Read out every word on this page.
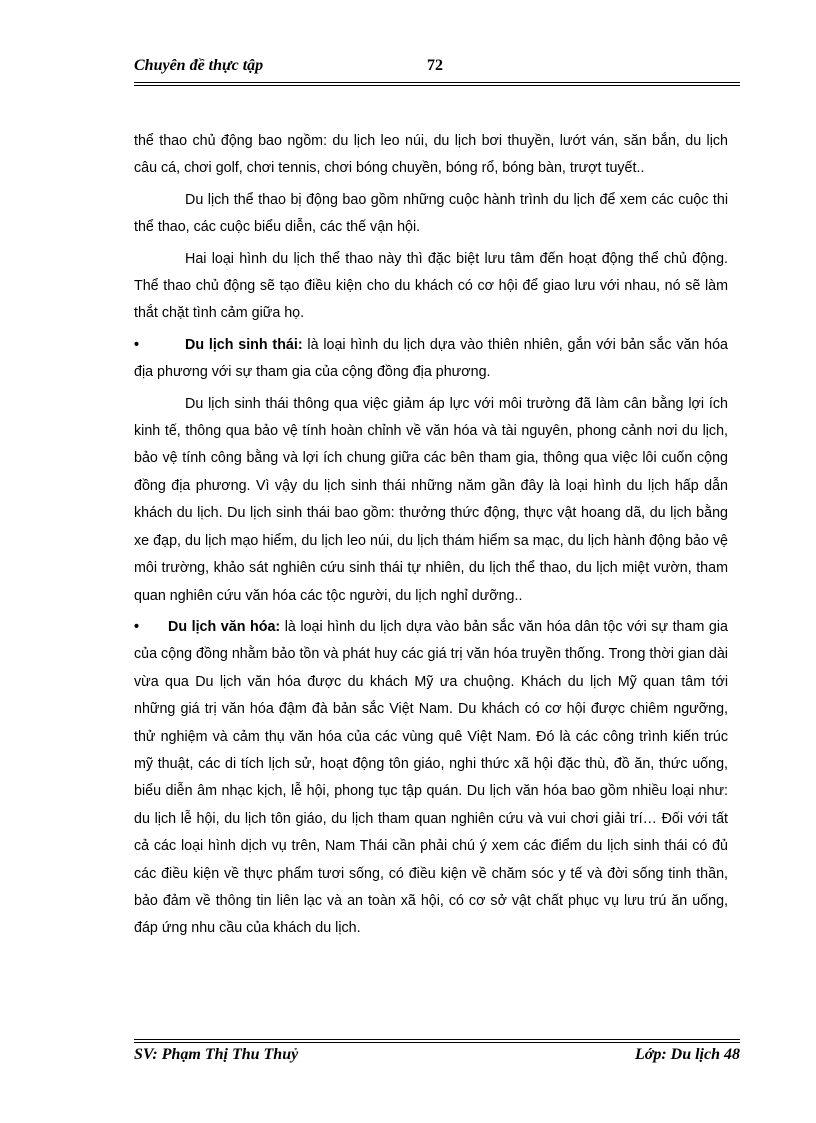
Chuyên đề thực tập	72

thể thao chủ động bao ngồm: du lịch leo núi, du lịch bơi thuyền, lướt ván, săn bắn, du lịch câu cá, chơi golf, chơi tennis, chơi bóng chuyền, bóng rổ, bóng bàn, trượt tuyết..

Du lịch thể thao bị động bao gồm những cuộc hành trình du lịch để xem các cuộc thi thể thao, các cuộc biểu diễn, các thế vận hội.

Hai loại hình du lịch thể thao này thì đặc biệt lưu tâm đến hoạt động thể chủ động. Thể thao chủ động sẽ tạo điều kiện cho du khách có cơ hội để giao lưu với nhau, nó sẽ làm thắt chặt tình cảm giữa họ.

•	Du lịch sinh thái: là loại hình du lịch dựa vào thiên nhiên, gắn với bản sắc văn hóa địa phương với sự tham gia của cộng đồng địa phương.

Du lịch sinh thái thông qua việc giảm áp lực với môi trường đã làm cân bằng lợi ích kinh tế, thông qua bảo vệ tính hoàn chỉnh về văn hóa và tài nguyên, phong cảnh nơi du lịch, bảo vệ tính công bằng và lợi ích chung giữa các bên tham gia, thông qua việc lôi cuốn cộng đồng địa phương. Vì vậy du lịch sinh thái những năm gần đây là loại hình du lịch hấp dẫn khách du lịch. Du lịch sinh thái bao gồm: thưởng thức động, thực vật hoang dã, du lịch bằng xe đạp, du lịch mạo hiểm, du lịch leo núi, du lịch thám hiểm sa mạc, du lịch hành động bảo vệ môi trường, khảo sát nghiên cứu sinh thái tự nhiên, du lịch thể thao, du lịch miệt vườn, tham quan nghiên cứu văn hóa các tộc người, du lịch nghỉ dưỡng..

• Du lịch văn hóa: là loại hình du lịch dựa vào bản sắc văn hóa dân tộc với sự tham gia của cộng đồng nhằm bảo tồn và phát huy các giá trị văn hóa truyền thống. Trong thời gian dài vừa qua Du lịch văn hóa được du khách Mỹ ưa chuộng. Khách du lịch Mỹ quan tâm tới những giá trị văn hóa đậm đà bản sắc Việt Nam. Du khách có cơ hội được chiêm ngưỡng, thử nghiệm và cảm thụ văn hóa của các vùng quê Việt Nam. Đó là các công trình kiến trúc mỹ thuật, các di tích lịch sử, hoạt động tôn giáo, nghi thức xã hội đặc thù, đồ ăn, thức uống, biểu diễn âm nhạc kịch, lễ hội, phong tục tập quán. Du lịch văn hóa bao gồm nhiều loại như: du lịch lễ hội, du lịch tôn giáo, du lịch tham quan nghiên cứu và vui chơi giải trí… Đối với tất cả các loại hình dịch vụ trên, Nam Thái cần phải chú ý xem các điểm du lịch sinh thái có đủ các điều kiện về thực phẩm tươi sống, có điều kiện về chăm sóc y tế và đời sống tinh thần, bảo đảm về thông tin liên lạc và an toàn xã hội, có cơ sở vật chất phục vụ lưu trú ăn uống, đáp ứng nhu cầu của khách du lịch.

SV: Phạm Thị Thu Thuỷ	Lớp: Du lịch 48
